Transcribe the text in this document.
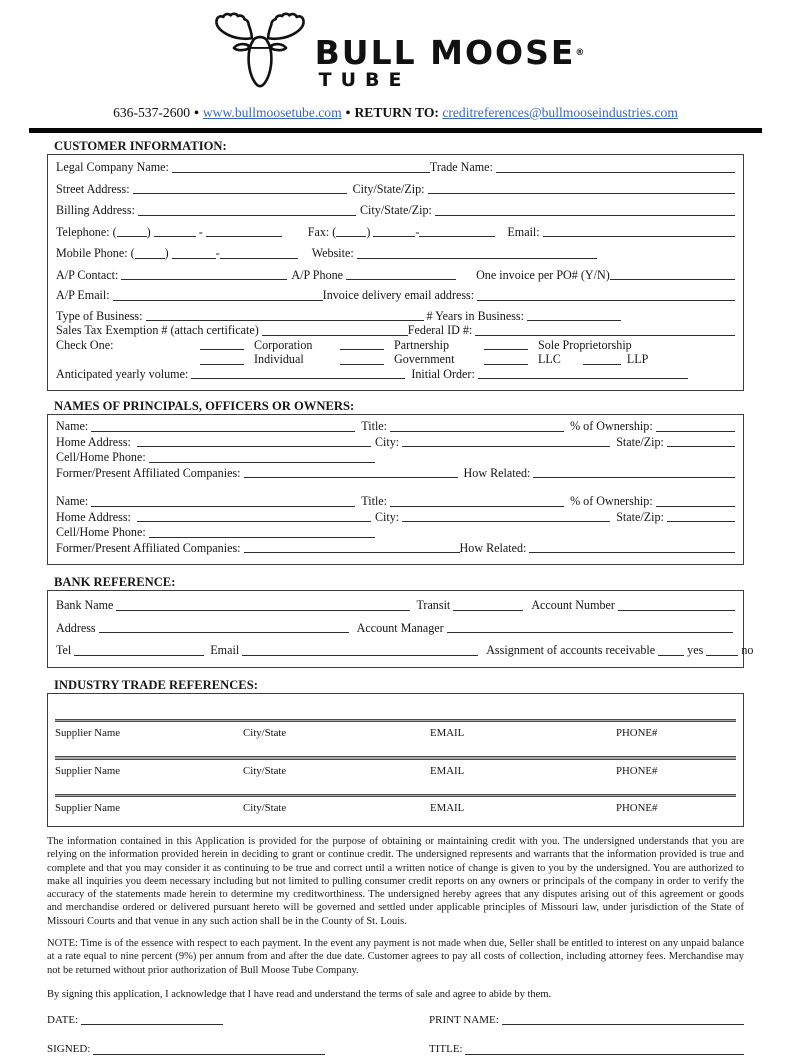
BULL MOOSE®
TUBE
636-537-2600 • www.bullmoosetube.com • RETURN TO: creditreferences@bullmooseindustries.com
CUSTOMER INFORMATION:
Legal Company Name:	Trade Name:
Street Address:	City/State/Zip:
Billing Address:	City/State/Zip:
Telephone: ( )	-	Fax: ( )	-	Email:
Mobile Phone: ( )	-	Website:
A/P Contact:	A/P Phone	One invoice per PO# (Y/N)
A/P Email:	Invoice delivery email address:
Type of Business:	# Years in Business:
Sales Tax Exemption # (attach certificate)	Federal ID #:
Check One:	Corporation	Partnership	Sole Proprietorship
Individual	Government	LLC	LLP
Anticipated yearly volume:	Initial Order:
NAMES OF PRINCIPALS, OFFICERS OR OWNERS:
Name:	Title:	% of Ownership:
Home Address:	City:	State/Zip:
Cell/Home Phone:
Former/Present Affiliated Companies:	How Related:
Name:	Title:	% of Ownership:
Home Address:	City:	State/Zip:
Cell/Home Phone:
Former/Present Affiliated Companies:	How Related:
BANK REFERENCE:
Bank Name	Transit	Account Number
Address	Account Manager
Tel	Email	Assignment of accounts receivable yes	no
INDUSTRY TRADE REFERENCES:
Supplier Name	City/State	EMAIL	PHONE#
Supplier Name	City/State	EMAIL	PHONE#
Supplier Name	City/State	EMAIL	PHONE#

The information contained in this Application is provided for the purpose of obtaining or maintaining credit with you. The undersigned understands that you are relying on the information provided herein in deciding to grant or continue credit. The undersigned represents and warrants that the information provided is true and complete and that you may consider it as continuing to be true and correct until a written notice of change is given to you by the undersigned. You are authorized to make all inquiries you deem necessary including but not limited to pulling consumer credit reports on any owners or principals of the company in order to verify the accuracy of the statements made herein to determine my creditworthiness. The undersigned hereby agrees that any disputes arising out of this agreement or goods and merchandise ordered or delivered pursuant hereto will be governed and settled under applicable principles of Missouri law, under jurisdiction of the State of Missouri Courts and that venue in any such action shall be in the County of St. Louis.

NOTE: Time is of the essence with respect to each payment. In the event any payment is not made when due, Seller shall be entitled to interest on any unpaid balance at a rate equal to nine percent (9%) per annum from and after the due date. Customer agrees to pay all costs of collection, including attorney fees. Merchandise may not be returned without prior authorization of Bull Moose Tube Company.

By signing this application, I acknowledge that I have read and understand the terms of sale and agree to abide by them.

DATE:	PRINT NAME:
SIGNED:	TITLE:
